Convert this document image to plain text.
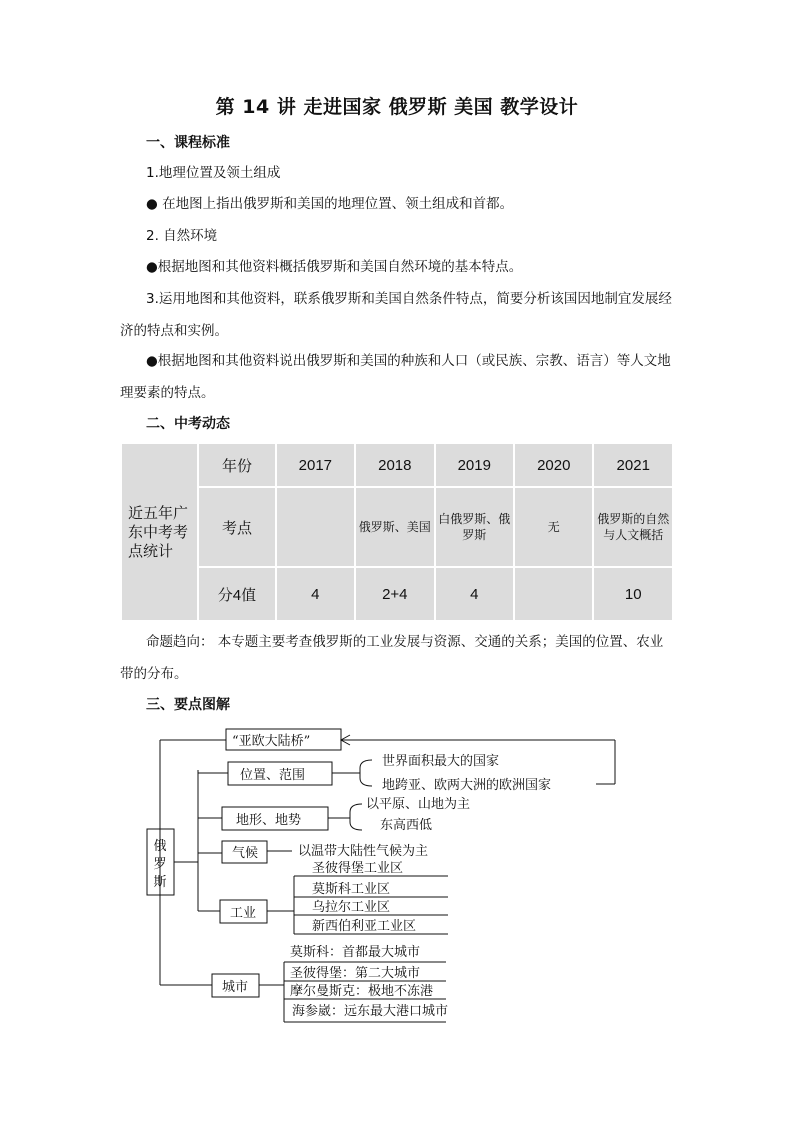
第 14 讲 走进国家 俄罗斯 美国 教学设计
一、课程标准
1.地理位置及领土组成
● 在地图上指出俄罗斯和美国的地理位置、领土组成和首都。
2. 自然环境
●根据地图和其他资料概括俄罗斯和美国自然环境的基本特点。
3.运用地图和其他资料，联系俄罗斯和美国自然条件特点，简要分析该国因地制宜发展经济的特点和实例。
●根据地图和其他资料说出俄罗斯和美国的种族和人口（或民族、宗教、语言）等人文地理要素的特点。
二、中考动态
近五年广东中考考点统计	年份	2017	2018	2019	2020	2021
	考点		俄罗斯、美国	白俄罗斯、俄罗斯	无	俄罗斯的自然与人文概括
	分4值	4	2+4	4		10
命题趋向： 本专题主要考查俄罗斯的工业发展与资源、交通的关系；美国的位置、农业带的分布。
三、要点图解
“亚欧大陆桥”
俄
罗
斯
位置、范围
世界面积最大的国家
地跨亚、欧两大洲的欧洲国家
地形、地势
以平原、山地为主
东高西低
气候	以温带大陆性气候为主
工业
圣彼得堡工业区
莫斯科工业区
乌拉尔工业区
新西伯利亚工业区
城市
莫斯科：首都最大城市
圣彼得堡：第二大城市
摩尔曼斯克：极地不冻港
海参崴：远东最大港口城市
